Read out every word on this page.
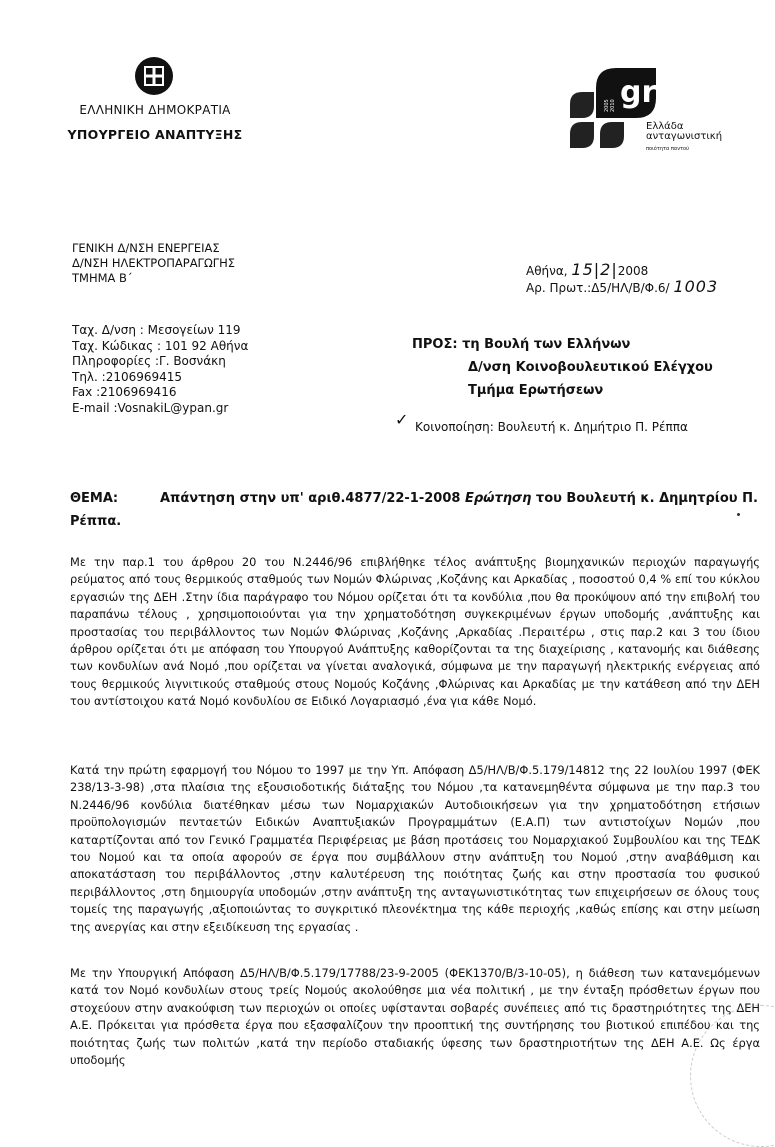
ΕΛΛΗΝΙΚΗ ΔΗΜΟΚΡΑΤΙΑ
ΥΠΟΥΡΓΕΙΟ ΑΝΑΠΤΥΞΗΣ
gr
2005 2010
Ελλάδα
ανταγωνιστική
ποιότητα παντού
ΓΕΝΙΚΗ Δ/ΝΣΗ ΕΝΕΡΓΕΙΑΣ
Δ/ΝΣΗ ΗΛΕΚΤΡΟΠΑΡΑΓΩΓΗΣ
ΤΜΗΜΑ Β΄	Αθήνα, 15|2|2008
Αρ. Πρωτ.:Δ5/ΗΛ/Β/Φ.6/ 1003
Ταχ. Δ/νση : Μεσογείων 119
Ταχ. Κώδικας : 101 92 Αθήνα
Πληροφορίες :Γ. Βοσνάκη
Τηλ. :2106969415
Fax :2106969416
E-mail :VosnakiL@ypan.gr
ΠΡΟΣ: τη Βουλή των Ελλήνων
Δ/νση Κοινοβουλευτικού Ελέγχου
Τμήμα Ερωτήσεων
✓ Κοινοποίηση: Βουλευτή κ. Δημήτριο Π. Ρέππα
ΘΕΜΑ:	Απάντηση στην υπ' αριθ.4877/22-1-2008 Ερώτηση του Βουλευτή κ. Δημητρίου Π. Ρέππα.
Με την παρ.1 του άρθρου 20 του Ν.2446/96 επιβλήθηκε τέλος ανάπτυξης βιομηχανικών περιοχών παραγωγής ρεύματος από τους θερμικούς σταθμούς των Νομών Φλώρινας ,Κοζάνης και Αρκαδίας , ποσοστού 0,4 % επί του κύκλου εργασιών της ΔΕΗ .Στην ίδια παράγραφο του Νόμου ορίζεται ότι τα κονδύλια ,που θα προκύψουν από την επιβολή του παραπάνω τέλους , χρησιμοποιούνται για την χρηματοδότηση συγκεκριμένων έργων υποδομής ,ανάπτυξης και προστασίας του περιβάλλοντος των Νομών Φλώρινας ,Κοζάνης ,Αρκαδίας .Περαιτέρω , στις παρ.2 και 3 του ίδιου άρθρου ορίζεται ότι με απόφαση του Υπουργού Ανάπτυξης καθορίζονται τα της διαχείρισης , κατανομής και διάθεσης των κονδυλίων ανά Νομό ,που ορίζεται να γίνεται αναλογικά, σύμφωνα με την παραγωγή ηλεκτρικής ενέργειας από τους θερμικούς λιγνιτικούς σταθμούς στους Νομούς Κοζάνης ,Φλώρινας και Αρκαδίας με την κατάθεση από την ΔΕΗ του αντίστοιχου κατά Νομό κονδυλίου σε Ειδικό Λογαριασμό ,ένα για κάθε Νομό.
Κατά την πρώτη εφαρμογή του Νόμου το 1997 με την Υπ. Απόφαση Δ5/ΗΛ/Β/Φ.5.179/14812 της 22 Ιουλίου 1997 (ΦΕΚ 238/13-3-98) ,στα πλαίσια της εξουσιοδοτικής διάταξης του Νόμου ,τα κατανεμηθέντα σύμφωνα με την παρ.3 του Ν.2446/96 κονδύλια διατέθηκαν μέσω των Νομαρχιακών Αυτοδιοικήσεων για την χρηματοδότηση ετήσιων προϋπολογισμών πενταετών Ειδικών Αναπτυξιακών Προγραμμάτων (Ε.Α.Π) των αντιστοίχων Νομών ,που καταρτίζονται από τον Γενικό Γραμματέα Περιφέρειας με βάση προτάσεις του Νομαρχιακού Συμβουλίου και της ΤΕΔΚ του Νομού και τα οποία αφορούν σε έργα που συμβάλλουν στην ανάπτυξη του Νομού ,στην αναβάθμιση και αποκατάσταση του περιβάλλοντος ,στην καλυτέρευση της ποιότητας ζωής και στην προστασία του φυσικού περιβάλλοντος ,στη δημιουργία υποδομών ,στην ανάπτυξη της ανταγωνιστικότητας των επιχειρήσεων σε όλους τους τομείς της παραγωγής ,αξιοποιώντας το συγκριτικό πλεονέκτημα της κάθε περιοχής ,καθώς επίσης και στην μείωση της ανεργίας και στην εξειδίκευση της εργασίας .
Με την Υπουργική Απόφαση Δ5/ΗΛ/Β/Φ.5.179/17788/23-9-2005 (ΦΕΚ1370/Β/3-10-05), η διάθεση των κατανεμόμενων κατά τον Νομό κονδυλίων στους τρείς Νομούς ακολούθησε μια νέα πολιτική , με την ένταξη πρόσθετων έργων που στοχεύουν στην ανακούφιση των περιοχών οι οποίες υφίστανται σοβαρές συνέπειες από τις δραστηριότητες της ΔΕΗ Α.Ε. Πρόκειται για πρόσθετα έργα που εξασφαλίζουν την προοπτική της συντήρησης του βιοτικού επιπέδου και της ποιότητας ζωής των πολιτών ,κατά την περίοδο σταδιακής ύφεσης των δραστηριοτήτων της ΔΕΗ Α.Ε. Ως έργα υποδομής
